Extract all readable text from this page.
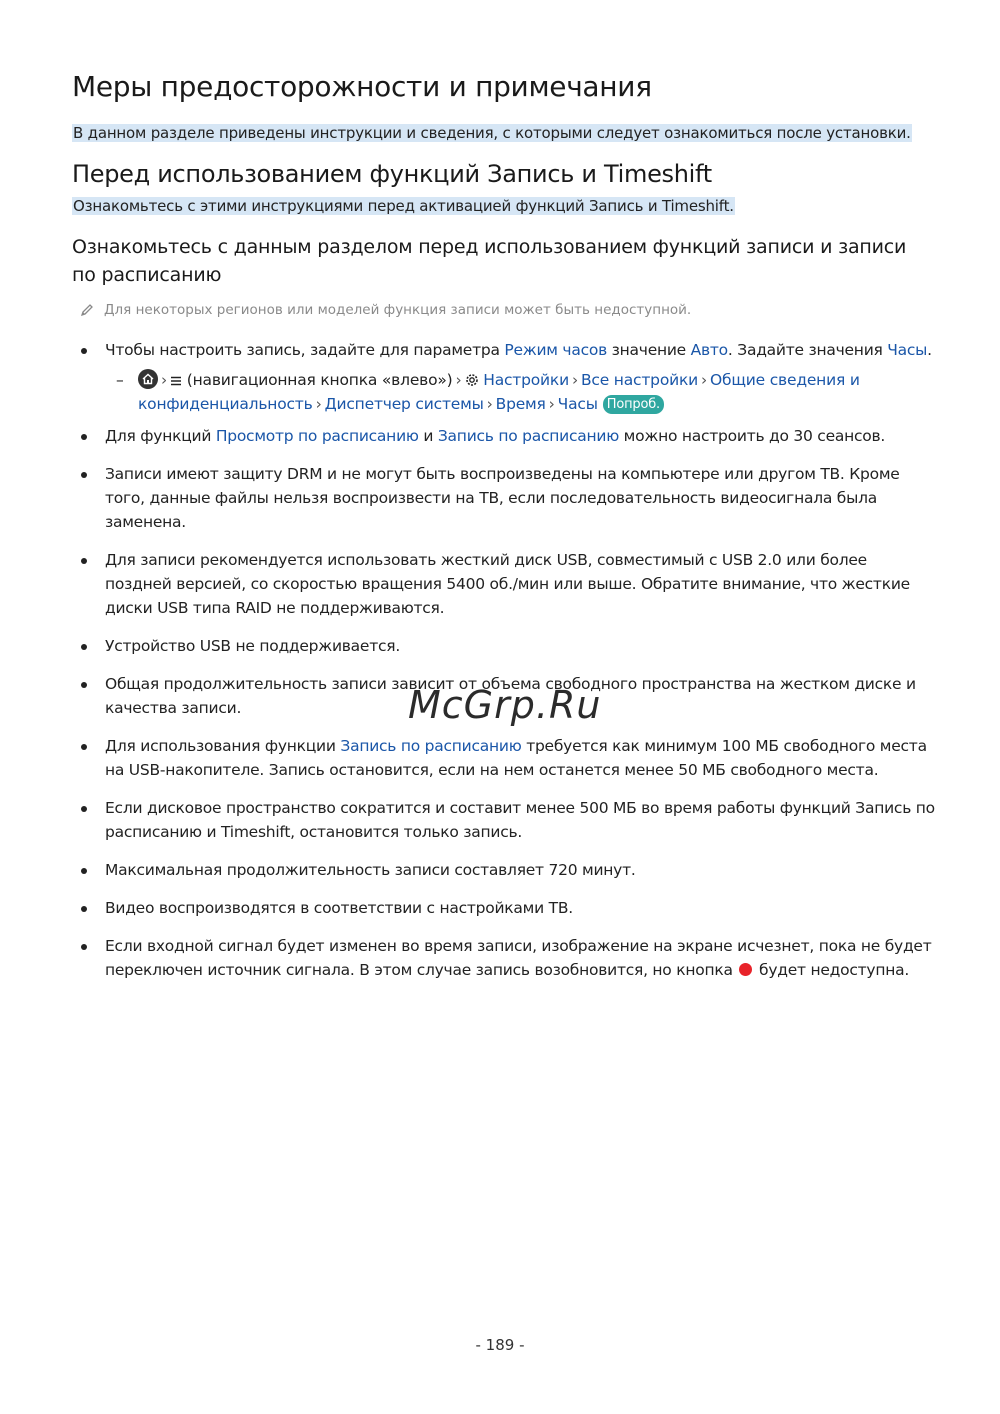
Меры предосторожности и примечания

В данном разделе приведены инструкции и сведения, с которыми следует ознакомиться после установки.

Перед использованием функций Запись и Timeshift

Ознакомьтесь с этими инструкциями перед активацией функций Запись и Timeshift.

Ознакомьтесь с данным разделом перед использованием функций записи и записи по расписанию

Для некоторых регионов или моделей функция записи может быть недоступной.

Чтобы настроить запись, задайте для параметра Режим часов значение Авто. Задайте значения Часы.
– › (навигационная кнопка «влево») › Настройки › Все настройки › Общие сведения и конфиденциальность › Диспетчер системы › Время › Часы Попроб.
Для функций Просмотр по расписанию и Запись по расписанию можно настроить до 30 сеансов.
Записи имеют защиту DRM и не могут быть воспроизведены на компьютере или другом ТВ. Кроме того, данные файлы нельзя воспроизвести на ТВ, если последовательность видеосигнала была заменена.
Для записи рекомендуется использовать жесткий диск USB, совместимый с USB 2.0 или более поздней версией, со скоростью вращения 5400 об./мин или выше. Обратите внимание, что жесткие диски USB типа RAID не поддерживаются.
Устройство USB не поддерживается.
Общая продолжительность записи зависит от объема свободного пространства на жестком диске и качества записи.
Для использования функции Запись по расписанию требуется как минимум 100 МБ свободного места на USB-накопителе. Запись остановится, если на нем останется менее 50 МБ свободного места.
Если дисковое пространство сократится и составит менее 500 МБ во время работы функций Запись по расписанию и Timeshift, остановится только запись.
Максимальная продолжительность записи составляет 720 минут.
Видео воспроизводятся в соответствии с настройками ТВ.
Если входной сигнал будет изменен во время записи, изображение на экране исчезнет, пока не будет переключен источник сигнала. В этом случае запись возобновится, но кнопка  будет недоступна.
McGrp.Ru
- 189 -
